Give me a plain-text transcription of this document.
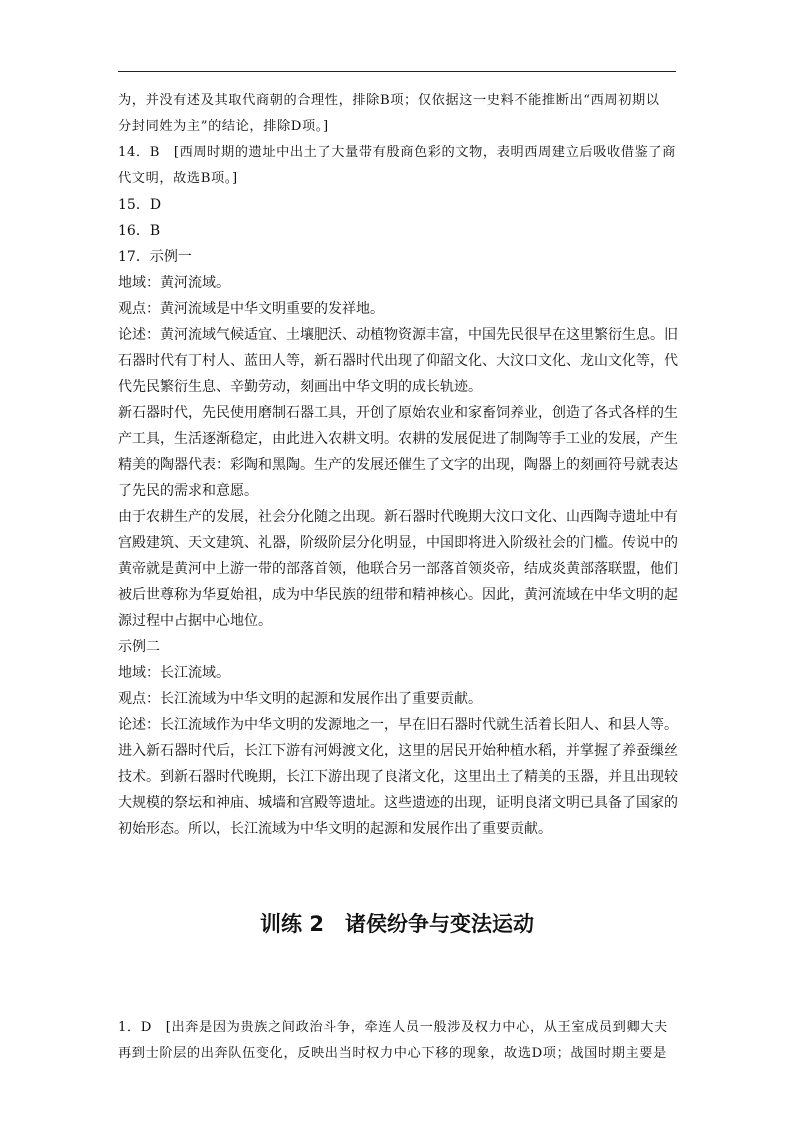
为，并没有述及其取代商朝的合理性，排除B项；仅依据这一史料不能推断出“西周初期以

分封同姓为主”的结论，排除D项。]

14．B　[西周时期的遗址中出土了大量带有殷商色彩的文物，表明西周建立后吸收借鉴了商

代文明，故选B项。]

15．D

16．B

17．示例一

地域：黄河流域。

观点：黄河流域是中华文明重要的发祥地。

论述：黄河流域气候适宜、土壤肥沃、动植物资源丰富，中国先民很早在这里繁衍生息。旧

石器时代有丁村人、蓝田人等，新石器时代出现了仰韶文化、大汶口文化、龙山文化等，代

代先民繁衍生息、辛勤劳动，刻画出中华文明的成长轨迹。

新石器时代，先民使用磨制石器工具，开创了原始农业和家畜饲养业，创造了各式各样的生

产工具，生活逐渐稳定，由此进入农耕文明。农耕的发展促进了制陶等手工业的发展，产生

精美的陶器代表：彩陶和黑陶。生产的发展还催生了文字的出现，陶器上的刻画符号就表达

了先民的需求和意愿。

由于农耕生产的发展，社会分化随之出现。新石器时代晚期大汶口文化、山西陶寺遗址中有

宫殿建筑、天文建筑、礼器，阶级阶层分化明显，中国即将进入阶级社会的门槛。传说中的

黄帝就是黄河中上游一带的部落首领，他联合另一部落首领炎帝，结成炎黄部落联盟，他们

被后世尊称为华夏始祖，成为中华民族的纽带和精神核心。因此，黄河流域在中华文明的起

源过程中占据中心地位。

示例二

地域：长江流域。

观点：长江流域为中华文明的起源和发展作出了重要贡献。

论述：长江流域作为中华文明的发源地之一，早在旧石器时代就生活着长阳人、和县人等。

进入新石器时代后，长江下游有河姆渡文化，这里的居民开始种植水稻，并掌握了养蚕缫丝

技术。到新石器时代晚期，长江下游出现了良渚文化，这里出土了精美的玉器，并且出现较

大规模的祭坛和神庙、城墙和宫殿等遗址。这些遗迹的出现，证明良渚文明已具备了国家的

初始形态。所以，长江流域为中华文明的起源和发展作出了重要贡献。

训练 2　诸侯纷争与变法运动

1．D　[出奔是因为贵族之间政治斗争，牵连人员一般涉及权力中心，从王室成员到卿大夫

再到士阶层的出奔队伍变化，反映出当时权力中心下移的现象，故选D项；战国时期主要是
